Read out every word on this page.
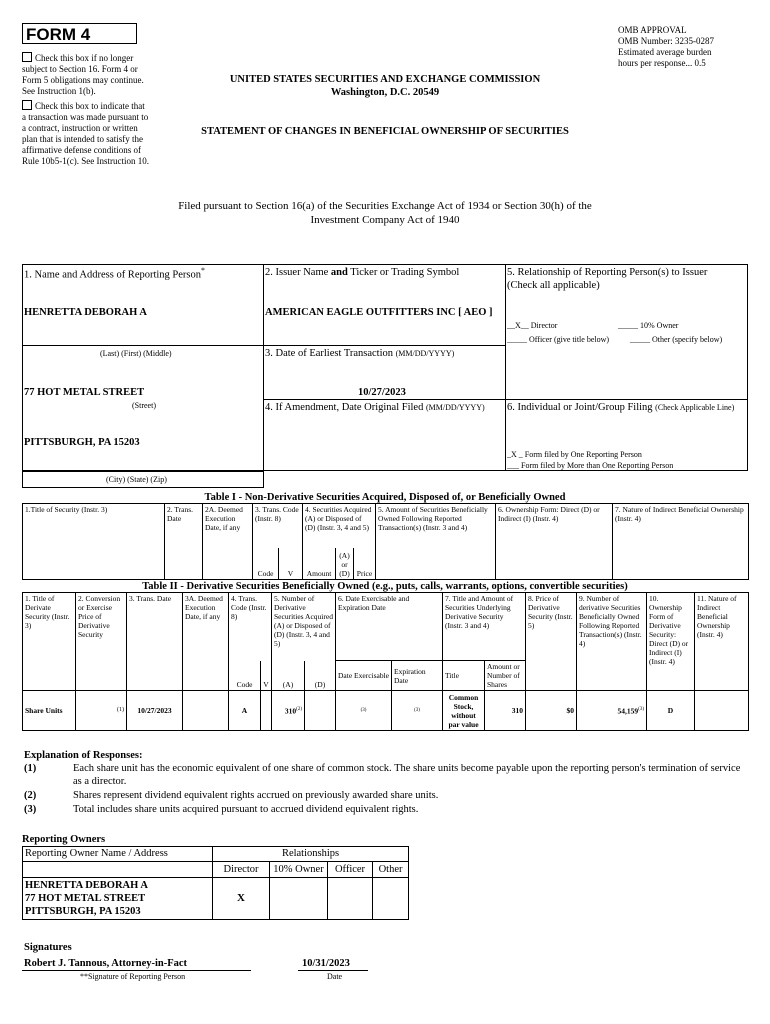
FORM 4
Check this box if no longer subject to Section 16. Form 4 or Form 5 obligations may continue. See Instruction 1(b).
Check this box to indicate that a transaction was made pursuant to a contract, instruction or written plan that is intended to satisfy the affirmative defense conditions of Rule 10b5-1(c). See Instruction 10.
OMB APPROVAL
OMB Number: 3235-0287
Estimated average burden
hours per response... 0.5
UNITED STATES SECURITIES AND EXCHANGE COMMISSION
Washington, D.C. 20549
STATEMENT OF CHANGES IN BENEFICIAL OWNERSHIP OF SECURITIES
Filed pursuant to Section 16(a) of the Securities Exchange Act of 1934 or Section 30(h) of the
Investment Company Act of 1940
1. Name and Address of Reporting Person*
HENRETTA DEBORAH A
(Last) (First) (Middle)
77 HOT METAL STREET
(Street)
PITTSBURGH, PA 15203
(City) (State) (Zip)
2. Issuer Name and Ticker or Trading Symbol
AMERICAN EAGLE OUTFITTERS INC [ AEO ]
3. Date of Earliest Transaction (MM/DD/YYYY)
10/27/2023
4. If Amendment, Date Original Filed (MM/DD/YYYY)
5. Relationship of Reporting Person(s) to Issuer
(Check all applicable)
__X__ Director	_____ 10% Owner
_____ Officer (give title below)	_____ Other (specify below)
6. Individual or Joint/Group Filing (Check Applicable Line)
_X _ Form filed by One Reporting Person
___ Form filed by More than One Reporting Person
Table I - Non-Derivative Securities Acquired, Disposed of, or Beneficially Owned
1.Title of Security (Instr. 3)	2. Trans. Date	2A. Deemed Execution Date, if any	3. Trans. Code (Instr. 8)		4. Securities Acquired (A) or Disposed of (D) (Instr. 3, 4 and 5)			5. Amount of Securities Beneficially Owned Following Reported Transaction(s) (Instr. 3 and 4)	6. Ownership Form: Direct (D) or Indirect (I) (Instr. 4)	7. Nature of Indirect Beneficial Ownership (Instr. 4)
			Code	V	Amount	(A) or (D)	Price			
Table II - Derivative Securities Beneficially Owned (e.g., puts, calls, warrants, options, convertible securities)
1. Title of Derivate Security (Instr. 3)	2. Conversion or Exercise Price of Derivative Security	3. Trans. Date	3A. Deemed Execution Date, if any	4. Trans. Code (Instr. 8)		5. Number of Derivative Securities Acquired (A) or Disposed of (D) (Instr. 3, 4 and 5)		6. Date Exercisable and Expiration Date		7. Title and Amount of Securities Underlying Derivative Security (Instr. 3 and 4)		8. Price of Derivative Security (Instr. 5)	9. Number of derivative Securities Beneficially Owned Following Reported Transaction(s) (Instr. 4)	10. Ownership Form of Derivative Security: Direct (D) or Indirect (I) (Instr. 4)	11. Nature of Indirect Beneficial Ownership (Instr. 4)
				Code	V	(A)	(D)	Date Exercisable	Expiration Date	Title	Amount or Number of Shares				
Share Units	(1)	10/27/2023		A		310$^{(2)}$		(3)	(3)	Common Stock, without par value	310	$0	54,159$^{(3)}$	D	
Explanation of Responses:
(1)	Each share unit has the economic equivalent of one share of common stock. The share units become payable upon the reporting person's termination of service as a director.
(2)	Shares represent dividend equivalent rights accrued on previously awarded share units.
(3)	Total includes share units acquired pursuant to accrued dividend equivalent rights.
Reporting Owners
Reporting Owner Name / Address	Relationships			
	Director	10% Owner	Officer	Other

HENRETTA DEBORAH A
77 HOT METAL STREET
PITTSBURGH, PA 15203	X			
Signatures
Robert J. Tannous, Attorney-in-Fact	10/31/2023
**Signature of Reporting Person	Date
